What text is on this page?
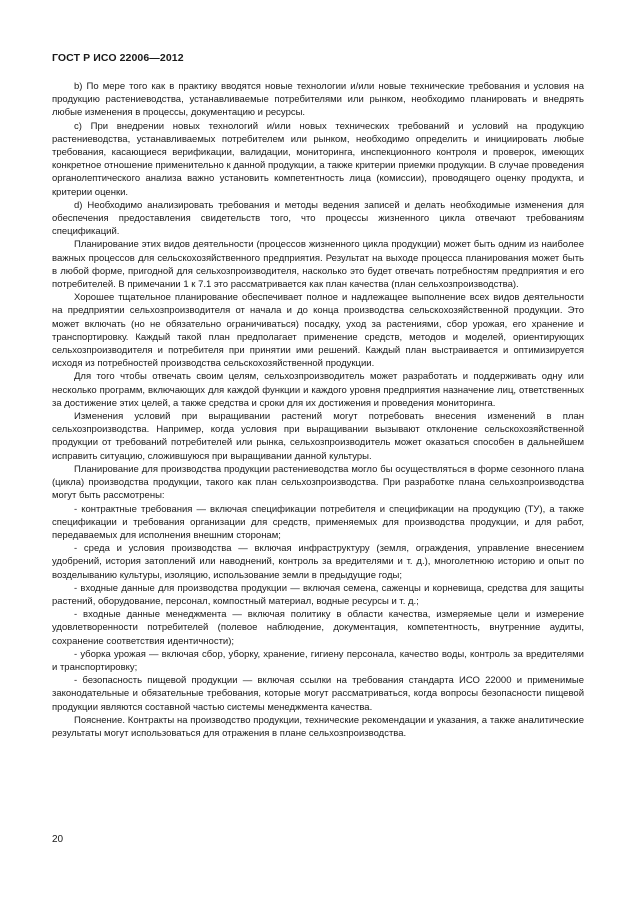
ГОСТ Р ИСО 22006—2012

b) По мере того как в практику вводятся новые технологии и/или новые технические требования и условия на продукцию растениеводства, устанавливаемые потребителями или рынком, необходимо планировать и внедрять любые изменения в процессы, документацию и ресурсы.

c) При внедрении новых технологий и/или новых технических требований и условий на продукцию растениеводства, устанавливаемых потребителем или рынком, необходимо определить и инициировать любые требования, касающиеся верификации, валидации, мониторинга, инспекционного контроля и проверок, имеющих конкретное отношение применительно к данной продукции, а также критерии приемки продукции. В случае проведения органолептического анализа важно установить компетентность лица (комиссии), проводящего оценку продукта, и критерии оценки.

d) Необходимо анализировать требования и методы ведения записей и делать необходимые изменения для обеспечения предоставления свидетельств того, что процессы жизненного цикла отвечают требованиям спецификаций.

Планирование этих видов деятельности (процессов жизненного цикла продукции) может быть одним из наиболее важных процессов для сельскохозяйственного предприятия. Результат на выходе процесса планирования может быть в любой форме, пригодной для сельхозпроизводителя, насколько это будет отвечать потребностям предприятия и его потребителей. В примечании 1 к 7.1 это рассматривается как план качества (план сельхозпроизводства).

Хорошее тщательное планирование обеспечивает полное и надлежащее выполнение всех видов деятельности на предприятии сельхозпроизводителя от начала и до конца производства сельскохозяйственной продукции. Это может включать (но не обязательно ограничиваться) посадку, уход за растениями, сбор урожая, его хранение и транспортировку. Каждый такой план предполагает применение средств, методов и моделей, ориентирующих сельхозпроизводителя и потребителя при принятии ими решений. Каждый план выстраивается и оптимизируется исходя из потребностей производства сельскохозяйственной продукции.

Для того чтобы отвечать своим целям, сельхозпроизводитель может разработать и поддерживать одну или несколько программ, включающих для каждой функции и каждого уровня предприятия назначение лиц, ответственных за достижение этих целей, а также средства и сроки для их достижения и проведения мониторинга.

Изменения условий при выращивании растений могут потребовать внесения изменений в план сельхозпроизводства. Например, когда условия при выращивании вызывают отклонение сельскохозяйственной продукции от требований потребителей или рынка, сельхозпроизводитель может оказаться способен в дальнейшем исправить ситуацию, сложившуюся при выращивании данной культуры.

Планирование для производства продукции растениеводства могло бы осуществляться в форме сезонного плана (цикла) производства продукции, такого как план сельхозпроизводства. При разработке плана сельхозпроизводства могут быть рассмотрены:

- контрактные требования — включая спецификации потребителя и спецификации на продукцию (ТУ), а также спецификации и требования организации для средств, применяемых для производства продукции, и для работ, передаваемых для исполнения внешним сторонам;

- среда и условия производства — включая инфраструктуру (земля, ограждения, управление внесением удобрений, история затоплений или наводнений, контроль за вредителями и т. д.), многолетнюю историю и опыт по возделыванию культуры, изоляцию, использование земли в предыдущие годы;

- входные данные для производства продукции — включая семена, саженцы и корневища, средства для защиты растений, оборудование, персонал, компостный материал, водные ресурсы и т. д.;

- входные данные менеджмента — включая политику в области качества, измеряемые цели и измерение удовлетворенности потребителей (полевое наблюдение, документация, компетентность, внутренние аудиты, сохранение соответствия идентичности);

- уборка урожая — включая сбор, уборку, хранение, гигиену персонала, качество воды, контроль за вредителями и транспортировку;

- безопасность пищевой продукции — включая ссылки на требования стандарта ИСО 22000 и применимые законодательные и обязательные требования, которые могут рассматриваться, когда вопросы безопасности пищевой продукции являются составной частью системы менеджмента качества.

Пояснение. Контракты на производство продукции, технические рекомендации и указания, а также аналитические результаты могут использоваться для отражения в плане сельхозпроизводства.

20
